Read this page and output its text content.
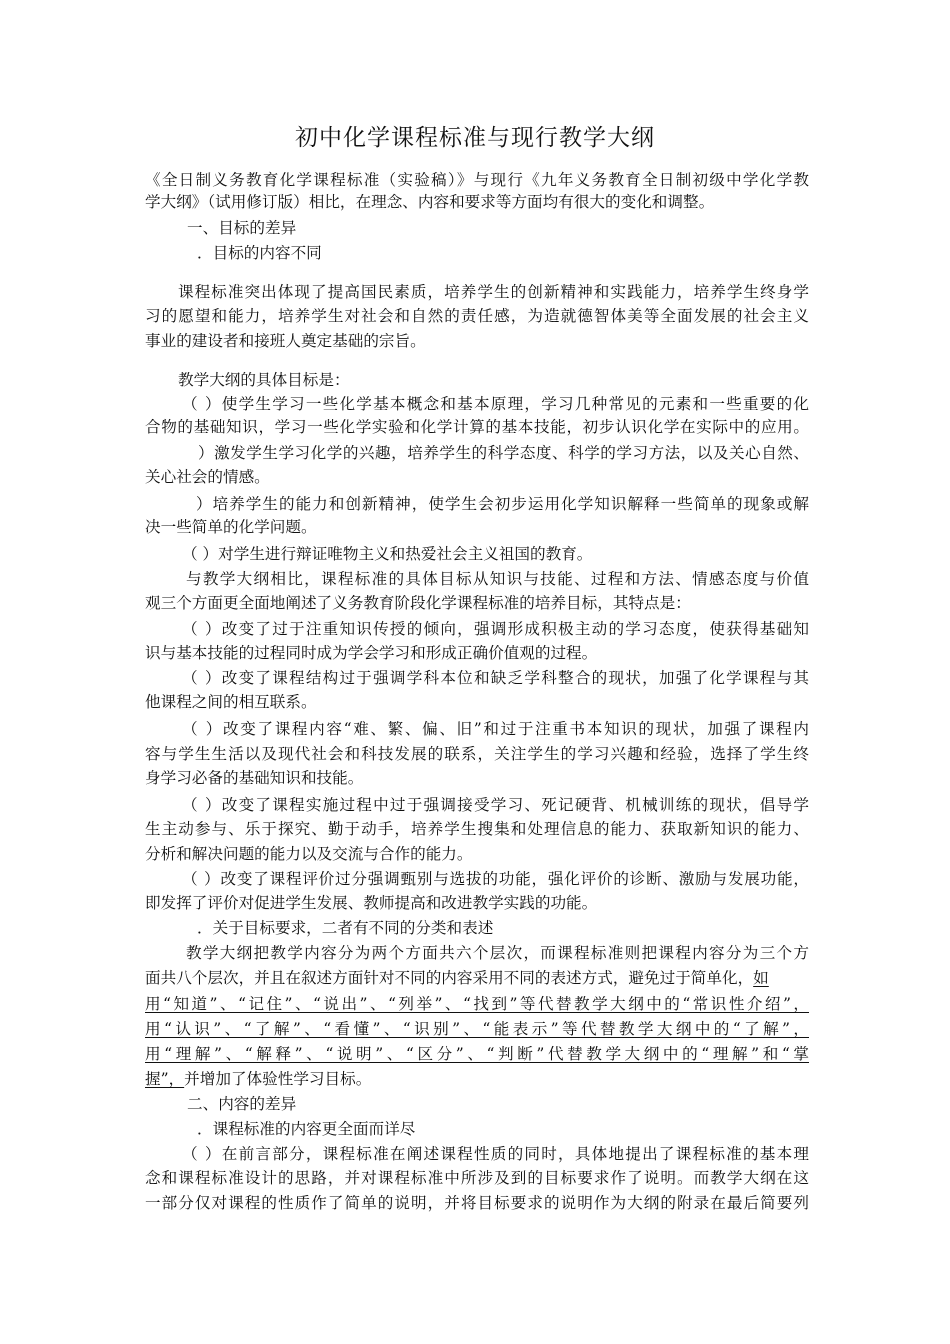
初中化学课程标准与现行教学大纲
《全日制义务教育化学课程标准（实验稿）》与现行《九年义务教育全日制初级中学化学教
学大纲》（试用修订版）相比，在理念、内容和要求等方面均有很大的变化和调整。
一、目标的差异
．目标的内容不同
课程标准突出体现了提高国民素质，培养学生的创新精神和实践能力，培养学生终身学
习的愿望和能力，培养学生对社会和自然的责任感，为造就德智体美等全面发展的社会主义
事业的建设者和接班人奠定基础的宗旨。
教学大纲的具体目标是：
（ ）使学生学习一些化学基本概念和基本原理，学习几种常见的元素和一些重要的化
合物的基础知识，学习一些化学实验和化学计算的基本技能，初步认识化学在实际中的应用。
）激发学生学习化学的兴趣，培养学生的科学态度、科学的学习方法，以及关心自然、
关心社会的情感。
）培养学生的能力和创新精神，使学生会初步运用化学知识解释一些简单的现象或解
决一些简单的化学问题。
（ ）对学生进行辩证唯物主义和热爱社会主义祖国的教育。
与教学大纲相比，课程标准的具体目标从知识与技能、过程和方法、情感态度与价值
观三个方面更全面地阐述了义务教育阶段化学课程标准的培养目标，其特点是：
（ ）改变了过于注重知识传授的倾向，强调形成积极主动的学习态度，使获得基础知
识与基本技能的过程同时成为学会学习和形成正确价值观的过程。
（ ）改变了课程结构过于强调学科本位和缺乏学科整合的现状，加强了化学课程与其
他课程之间的相互联系。
（ ）改变了课程内容“难、繁、偏、旧”和过于注重书本知识的现状，加强了课程内
容与学生生活以及现代社会和科技发展的联系，关注学生的学习兴趣和经验，选择了学生终
身学习必备的基础知识和技能。
（ ）改变了课程实施过程中过于强调接受学习、死记硬背、机械训练的现状，倡导学
生主动参与、乐于探究、勤于动手，培养学生搜集和处理信息的能力、获取新知识的能力、
分析和解决问题的能力以及交流与合作的能力。
（ ）改变了课程评价过分强调甄别与选拔的功能，强化评价的诊断、激励与发展功能，
即发挥了评价对促进学生发展、教师提高和改进教学实践的功能。
．关于目标要求，二者有不同的分类和表述
教学大纲把教学内容分为两个方面共六个层次，而课程标准则把课程内容分为三个方
面共八个层次，并且在叙述方面针对不同的内容采用不同的表述方式，避免过于简单化，如
用“知道”、“记住”、“说出”、“列举”、“找到”等代替教学大纲中的“常识性介绍”，
用“认识”、“了解”、“看懂”、“识别”、“能表示”等代替教学大纲中的“了解”，
用“理解”、“解释”、“说明”、“区分”、“判断”代替教学大纲中的“理解”和“掌
握”，并增加了体验性学习目标。
二、内容的差异
．课程标准的内容更全面而详尽
（ ）在前言部分，课程标准在阐述课程性质的同时，具体地提出了课程标准的基本理
念和课程标准设计的思路，并对课程标准中所涉及到的目标要求作了说明。而教学大纲在这
一部分仅对课程的性质作了简单的说明，并将目标要求的说明作为大纲的附录在最后简要列
